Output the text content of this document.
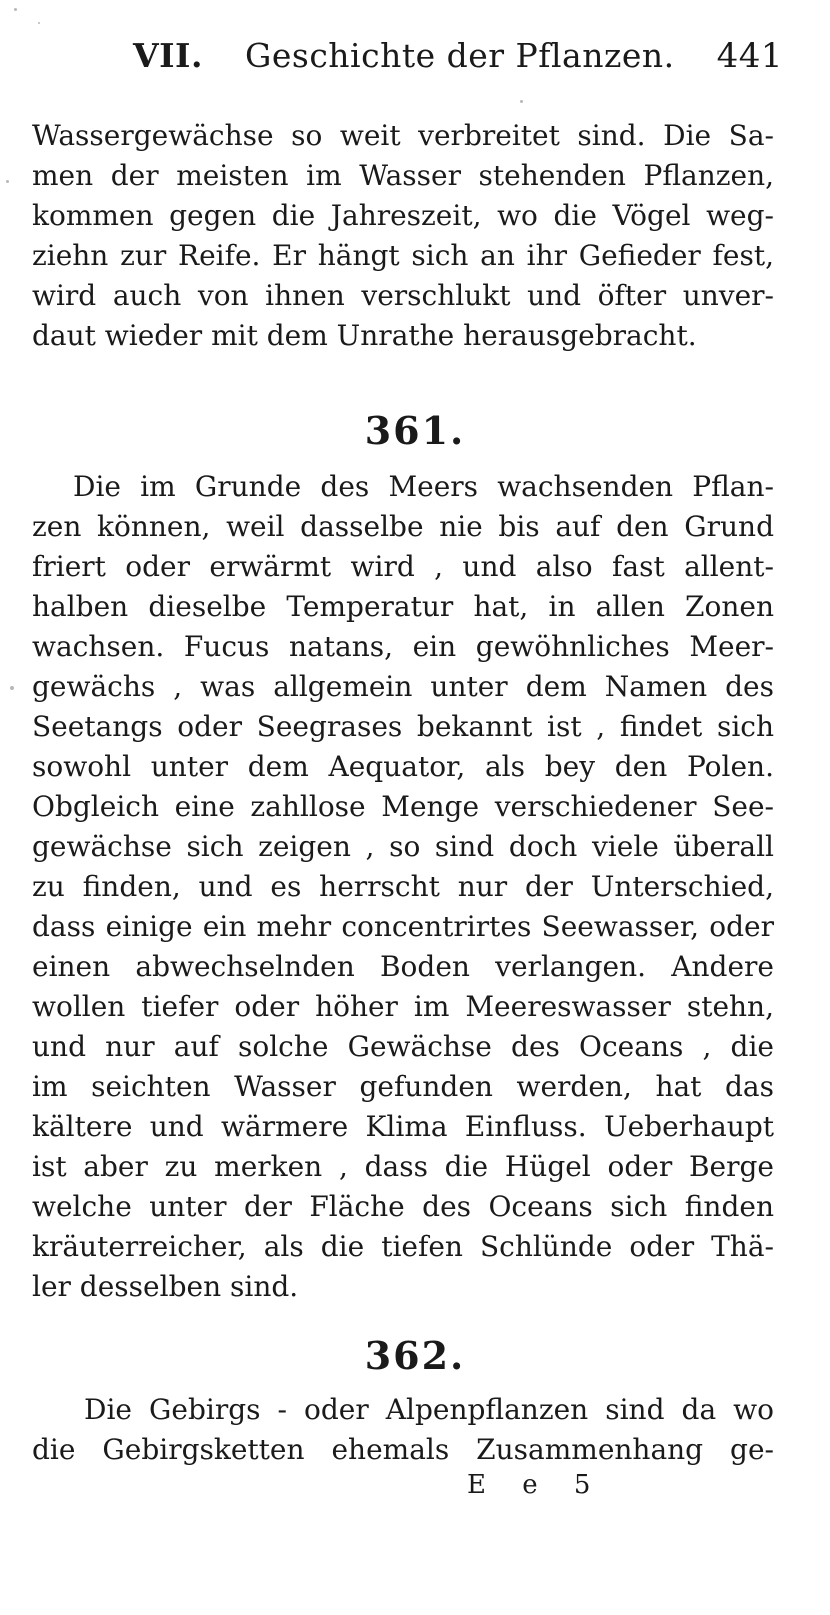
VII. Geschichte der Pflanzen. 441
Wassergewächse so weit verbreitet sind. Die Sa-
men der meisten im Wasser stehenden Pflanzen,
kommen gegen die Jahreszeit, wo die Vögel weg-
ziehn zur Reife. Er hängt sich an ihr Gefieder fest,
wird auch von ihnen verschlukt und öfter unver-
daut wieder mit dem Unrathe herausgebracht.
361.
Die im Grunde des Meers wachsenden Pflan-
zen können, weil dasselbe nie bis auf den Grund
friert oder erwärmt wird , und also fast allent-
halben dieselbe Temperatur hat, in allen Zonen
wachsen. Fucus natans, ein gewöhnliches Meer-
gewächs , was allgemein unter dem Namen des
Seetangs oder Seegrases bekannt ist , findet sich
sowohl unter dem Aequator, als bey den Polen.
Obgleich eine zahllose Menge verschiedener See-
gewächse sich zeigen , so sind doch viele überall
zu finden, und es herrscht nur der Unterschied,
dass einige ein mehr concentrirtes Seewasser, oder
einen abwechselnden Boden verlangen. Andere
wollen tiefer oder höher im Meereswasser stehn,
und nur auf solche Gewächse des Oceans , die
im seichten Wasser gefunden werden, hat das
kältere und wärmere Klima Einfluss. Ueberhaupt
ist aber zu merken , dass die Hügel oder Berge
welche unter der Fläche des Oceans sich finden
kräuterreicher, als die tiefen Schlünde oder Thä-
ler desselben sind.
362.
Die Gebirgs - oder Alpenpflanzen sind da wo
die Gebirgsketten ehemals Zusammenhang ge-
E e 5
